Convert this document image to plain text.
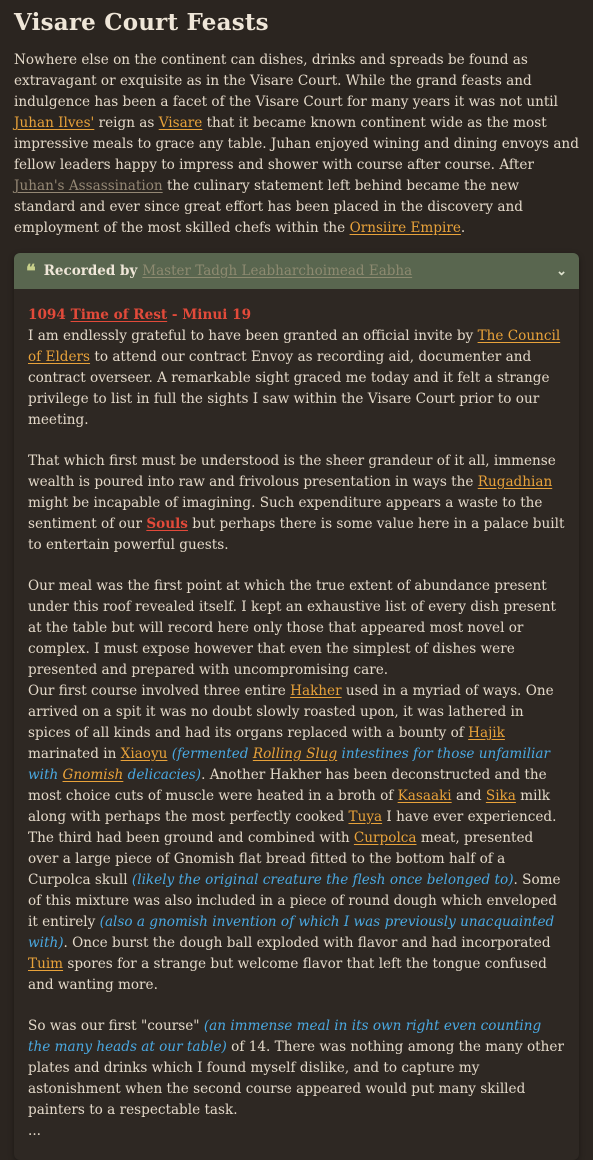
Visare Court Feasts

Nowhere else on the continent can dishes, drinks and spreads be found as extravagant or exquisite as in the Visare Court. While the grand feasts and indulgence has been a facet of the Visare Court for many years it was not until Juhan Ilves' reign as Visare that it became known continent wide as the most impressive meals to grace any table. Juhan enjoyed wining and dining envoys and fellow leaders happy to impress and shower with course after course. After Juhan's Assassination the culinary statement left behind became the new standard and ever since great effort has been placed in the discovery and employment of the most skilled chefs within the Ornsiire Empire.

❝ Recorded by Master Tadgh Leabharchoimead Eabha	⌄
1094 Time of Rest - Minui 19

I am endlessly grateful to have been granted an official invite by The Council of Elders to attend our contract Envoy as recording aid, documenter and contract overseer. A remarkable sight graced me today and it felt a strange privilege to list in full the sights I saw within the Visare Court prior to our meeting.

That which first must be understood is the sheer grandeur of it all, immense wealth is poured into raw and frivolous presentation in ways the Rugadhian might be incapable of imagining. Such expenditure appears a waste to the sentiment of our Souls but perhaps there is some value here in a palace built to entertain powerful guests.

Our meal was the first point at which the true extent of abundance present under this roof revealed itself. I kept an exhaustive list of every dish present at the table but will record here only those that appeared most novel or complex. I must expose however that even the simplest of dishes were presented and prepared with uncompromising care.

Our first course involved three entire Hakher used in a myriad of ways. One arrived on a spit it was no doubt slowly roasted upon, it was lathered in spices of all kinds and had its organs replaced with a bounty of Hajik marinated in Xiaoyu (fermented Rolling Slug intestines for those unfamiliar with Gnomish delicacies). Another Hakher has been deconstructed and the most choice cuts of muscle were heated in a broth of Kasaaki and Sika milk along with perhaps the most perfectly cooked Tuya I have ever experienced. The third had been ground and combined with Curpolca meat, presented over a large piece of Gnomish flat bread fitted to the bottom half of a Curpolca skull (likely the original creature the flesh once belonged to). Some of this mixture was also included in a piece of round dough which enveloped it entirely (also a gnomish invention of which I was previously unacquainted with). Once burst the dough ball exploded with flavor and had incorporated Tuim spores for a strange but welcome flavor that left the tongue confused and wanting more.

So was our first "course" (an immense meal in its own right even counting the many heads at our table) of 14. There was nothing among the many other plates and drinks which I found myself dislike, and to capture my astonishment when the second course appeared would put many skilled painters to a respectable task.

...
